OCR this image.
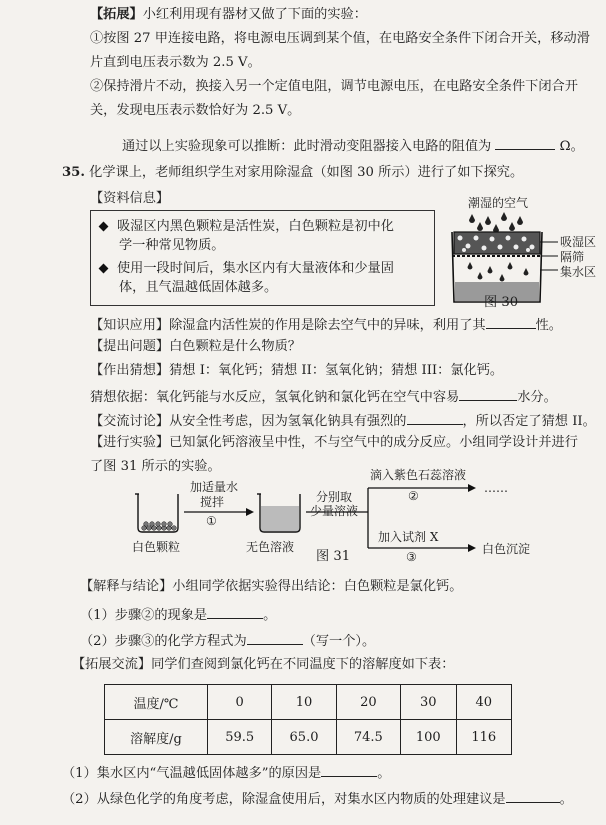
【拓展】小红利用现有器材又做了下面的实验：
①按图 27 甲连接电路，将电源电压调到某个值，在电路安全条件下闭合开关，移动滑
片直到电压表示数为 2.5 V。
②保持滑片不动，换接入另一个定值电阻，调节电源电压，在电路安全条件下闭合开
关，发现电压表示数恰好为 2.5 V。
通过以上实验现象可以推断：此时滑动变阻器接入电路的阻值为	Ω。
35. 化学课上，老师组织学生对家用除湿盒（如图 30 所示）进行了如下探究。
【资料信息】
吸湿区内黑色颗粒是活性炭，白色颗粒是初中化
学一种常见物质。
使用一段时间后，集水区内有大量液体和少量固
体，且气温越低固体越多。
潮湿的空气
吸湿区
隔筛
集水区
图 30
【知识应用】除湿盒内活性炭的作用是除去空气中的异味，利用了其	性。
【提出问题】白色颗粒是什么物质？
【作出猜想】猜想 I：氧化钙；猜想 II：氢氧化钠；猜想 III：氯化钙。
猜想依据：氧化钙能与水反应，氢氧化钠和氯化钙在空气中容易	水分。
【交流讨论】从安全性考虑，因为氢氧化钠具有强烈的	，所以否定了猜想 II。
【进行实验】已知氯化钙溶液呈中性，不与空气中的成分反应。小组同学设计并进行
了图 31 所示的实验。
加适量水
搅拌
①
白色颗粒	无色溶液
分别取
少量溶液
滴入紫色石蕊溶液
②
……
加入试剂 X
③
白色沉淀
图 31
【解释与结论】小组同学依据实验得出结论：白色颗粒是氯化钙。
（1）步骤②的现象是	。
（2）步骤③的化学方程式为	（写一个）。
【拓展交流】同学们查阅到氯化钙在不同温度下的溶解度如下表：
温度/℃	0	10	20	30	40
溶解度/g	59.5	65.0	74.5	100	116
（1）集水区内“气温越低固体越多”的原因是	。
（2）从绿色化学的角度考虑，除湿盒使用后，对集水区内物质的处理建议是	。
